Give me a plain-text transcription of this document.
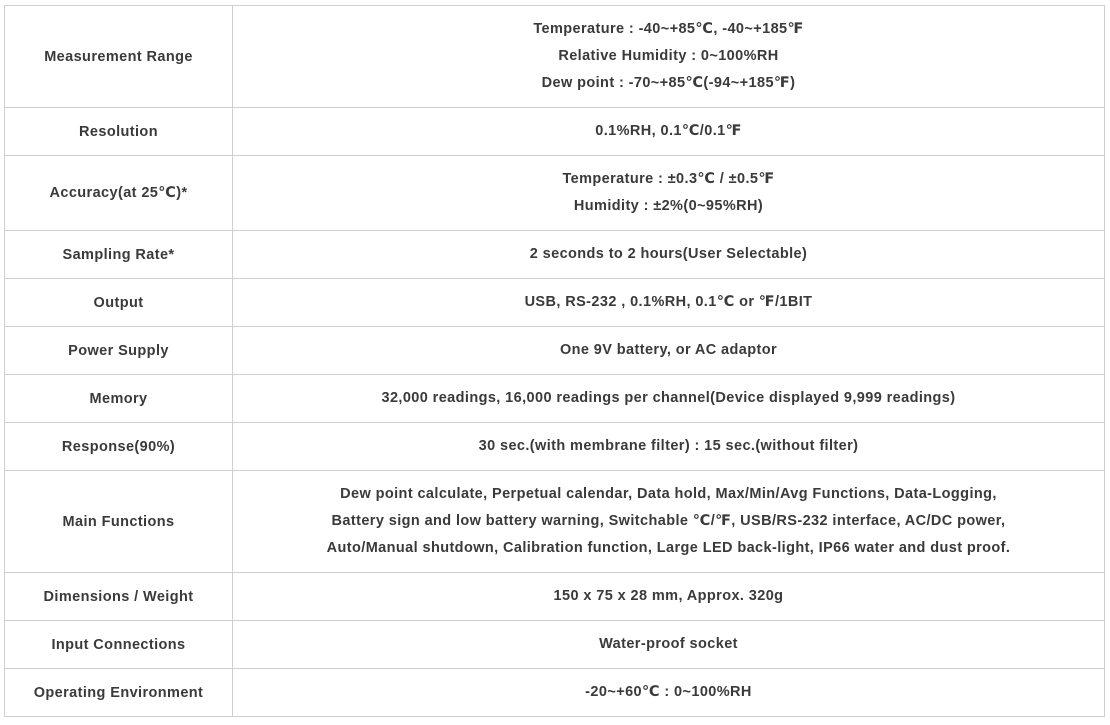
Measurement Range	Temperature : -40~+85℃, -40~+185℉
Relative Humidity : 0~100%RH
Dew point : -70~+85℃(-94~+185℉)

Resolution	0.1%RH, 0.1℃/0.1℉

Accuracy(at 25℃)*	Temperature : ±0.3℃ / ±0.5℉
Humidity : ±2%(0~95%RH)

Sampling Rate*	2 seconds to 2 hours(User Selectable)

Output	USB, RS-232 , 0.1%RH, 0.1℃ or ℉/1BIT

Power Supply	One 9V battery, or AC adaptor

Memory	32,000 readings, 16,000 readings per channel(Device displayed 9,999 readings)

Response(90%)	30 sec.(with membrane filter) : 15 sec.(without filter)

Main Functions	Dew point calculate, Perpetual calendar, Data hold, Max/Min/Avg Functions, Data-Logging,
Battery sign and low battery warning, Switchable ℃/℉, USB/RS-232 interface, AC/DC power,
Auto/Manual shutdown, Calibration function, Large LED back-light, IP66 water and dust proof.

Dimensions / Weight	150 x 75 x 28 mm, Approx. 320g

Input Connections	Water-proof socket

Operating Environment	-20~+60℃ : 0~100%RH
